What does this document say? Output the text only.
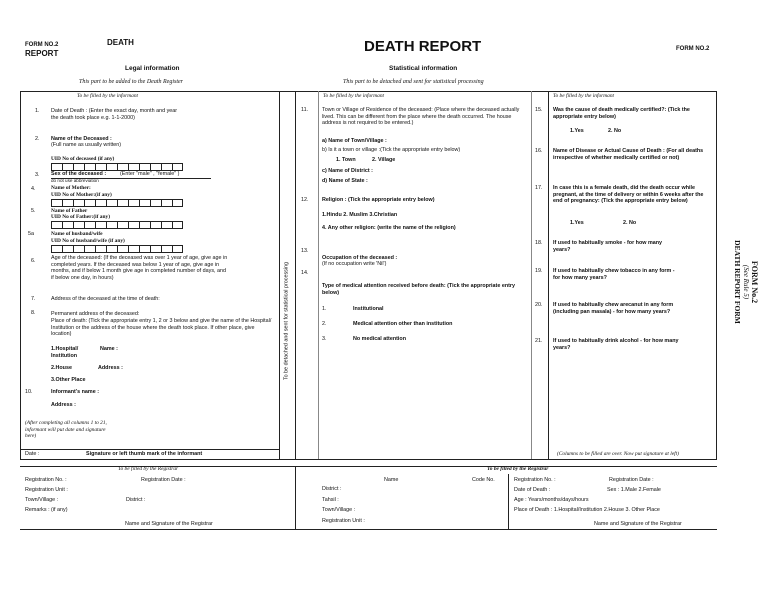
FORM NO.2
REPORT
DEATH	DEATH REPORT	FORM NO.2
Legal information	Statistical information
This part to be added to the Death Register	This part to be detached and sent for statistical processing
To be filled by the informant
1. Date of Death : (Enter the exact day, month and year the death took place e.g. 1-1-2000)
2. Name of the Deceased :
(Full name as usually written)
UID No of deceased (if any)
3. Sex of the deceased :	(Enter "male" , "female" )
do not use abbreviation
4.	Name of Mother:
UID No of Mother:(if any)
5.	Name of Father
UID No of Father:(if any)
5a	Name of husband/wife
UID No of husband/wife (if any)
6.	Age of the deceased: (If the deceased was over 1 year of age, give age in completed years. If the deceased was below 1 year of age, give age in months, and if below 1 month give age in completed number of days, and if below one day, in hours)
7.	Address of the deceased at the time of death:
8.	Permanent address of the deceased:
Place of death: (Tick the appropriate entry 1, 2 or 3 below and give the name of the Hospital/ Institution or the address of the house where the death took place. If other place, give location)
1.Hospital/ Institution
Name :
2.House	Address :
3.Other Place
10.	Informant's name :
Address :
(After completing all columns 1 to 21, informant will put date and signature here)
Date :	Signature or left thumb mark of the informant
To be detached and sent for statistical processing
To be filled by the informant
11.	Town or Village of Residence of the deceased: (Place where the deceased actually lived. This can be different from the place where the death occurred. The house address is not required to be entered.)
a) Name of Town/Village :
b) Is it a town or village :(Tick the appropriate entry below)
1. Town	2. Village
c) Name of District :
d) Name of State :
12.	Religion : (Tick the appropriate entry below)
1.Hindu 2. Muslim 3.Christian
4. Any other religion: (write the name of the religion)
13.
Occupation of the deceased :
(If no occupation write 'Nil')
14.
Type of medical attention received before death: (Tick the appropriate entry below)
1.	Institutional
2.	Medical attention other than institution
3.	No medical attention
To be filled by the informant
15. Was the cause of death medically certified?: (Tick the appropriate entry below)
1.Yes	2. No
16. Name of Disease or Actual Cause of Death : (For all deaths irrespective of whether medically certified or not)
17. In case this is a female death, did the death occur while pregnant, at the time of delivery or within 6 weeks after the end of pregnancy: (Tick the appropriate entry below)
1.Yes	2. No
18. If used to habitually smoke - for how many years?
19. If used to habitually chew tobacco in any form - for how many years?
20. If used to habitually chew arecanut in any form (including pan masala) - for how many years?
21. If used to habitually drink alcohol - for how many years?
(Columns to be filled are over. Now put signature at left)
FORM No.2
(See Rule 5)
DEATH REPORT FORM
To be filled by the Registrar
Registration No. :	Registration Date :
Registration Unit :
Town/Village :	District :
Remarks : (if any)
Name and Signature of the Registrar
To be filled by the Registrar
Name	Code No.
District :
Tahsil :
Town/Village :
Registration Unit :
Registration No. :	Registration Date :
Date of Death :	Sex : 1.Male 2.Female
Age : Years/months/days/hours
Place of Death : 1.Hospital/Institution 2.House 3. Other Place
Name and Signature of the Registrar
